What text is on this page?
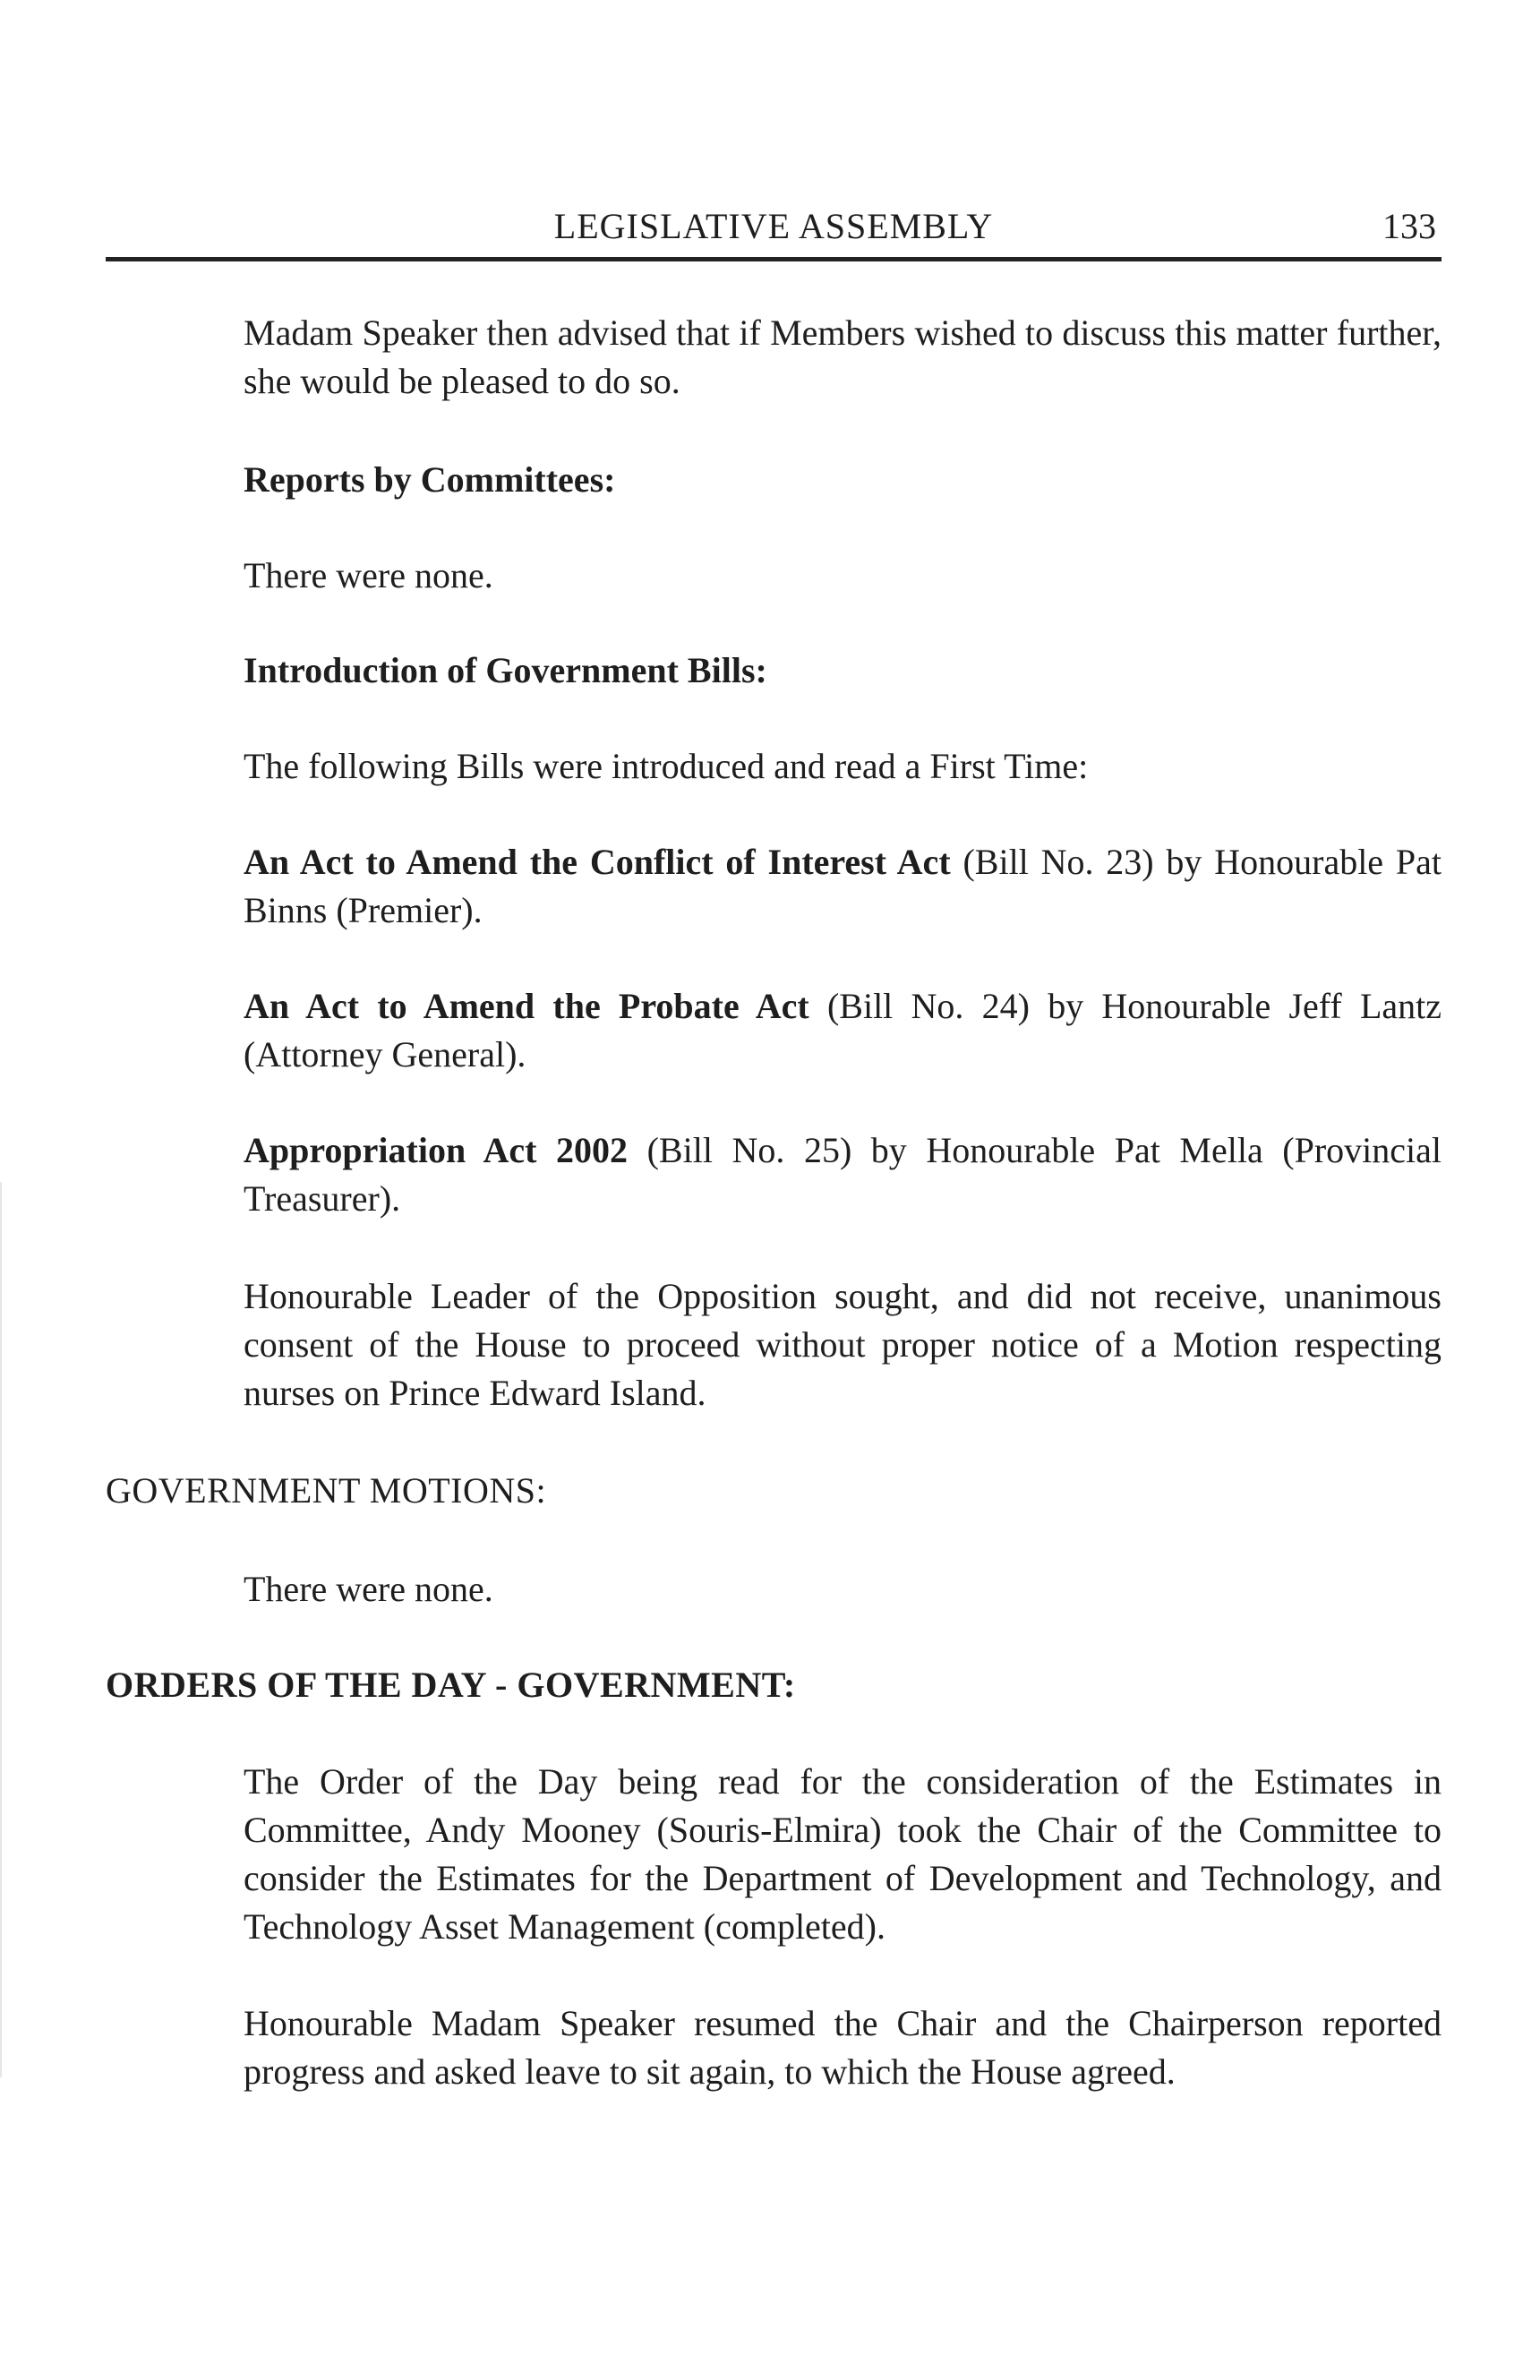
LEGISLATIVE ASSEMBLY	133
Madam Speaker then advised that if Members wished to discuss this matter further, she would be pleased to do so.
Reports by Committees:
There were none.
Introduction of Government Bills:
The following Bills were introduced and read a First Time:
An Act to Amend the Conflict of Interest Act (Bill No. 23) by Honourable Pat Binns (Premier).
An Act to Amend the Probate Act (Bill No. 24) by Honourable Jeff Lantz (Attorney General).
Appropriation Act 2002 (Bill No. 25) by Honourable Pat Mella (Provincial Treasurer).
Honourable Leader of the Opposition sought, and did not receive, unanimous consent of the House to proceed without proper notice of a Motion respecting nurses on Prince Edward Island.
GOVERNMENT MOTIONS:
There were none.
ORDERS OF THE DAY - GOVERNMENT:
The Order of the Day being read for the consideration of the Estimates in Committee, Andy Mooney (Souris-Elmira) took the Chair of the Committee to consider the Estimates for the Department of Development and Technology, and Technology Asset Management (completed).
Honourable Madam Speaker resumed the Chair and the Chairperson reported progress and asked leave to sit again, to which the House agreed.
